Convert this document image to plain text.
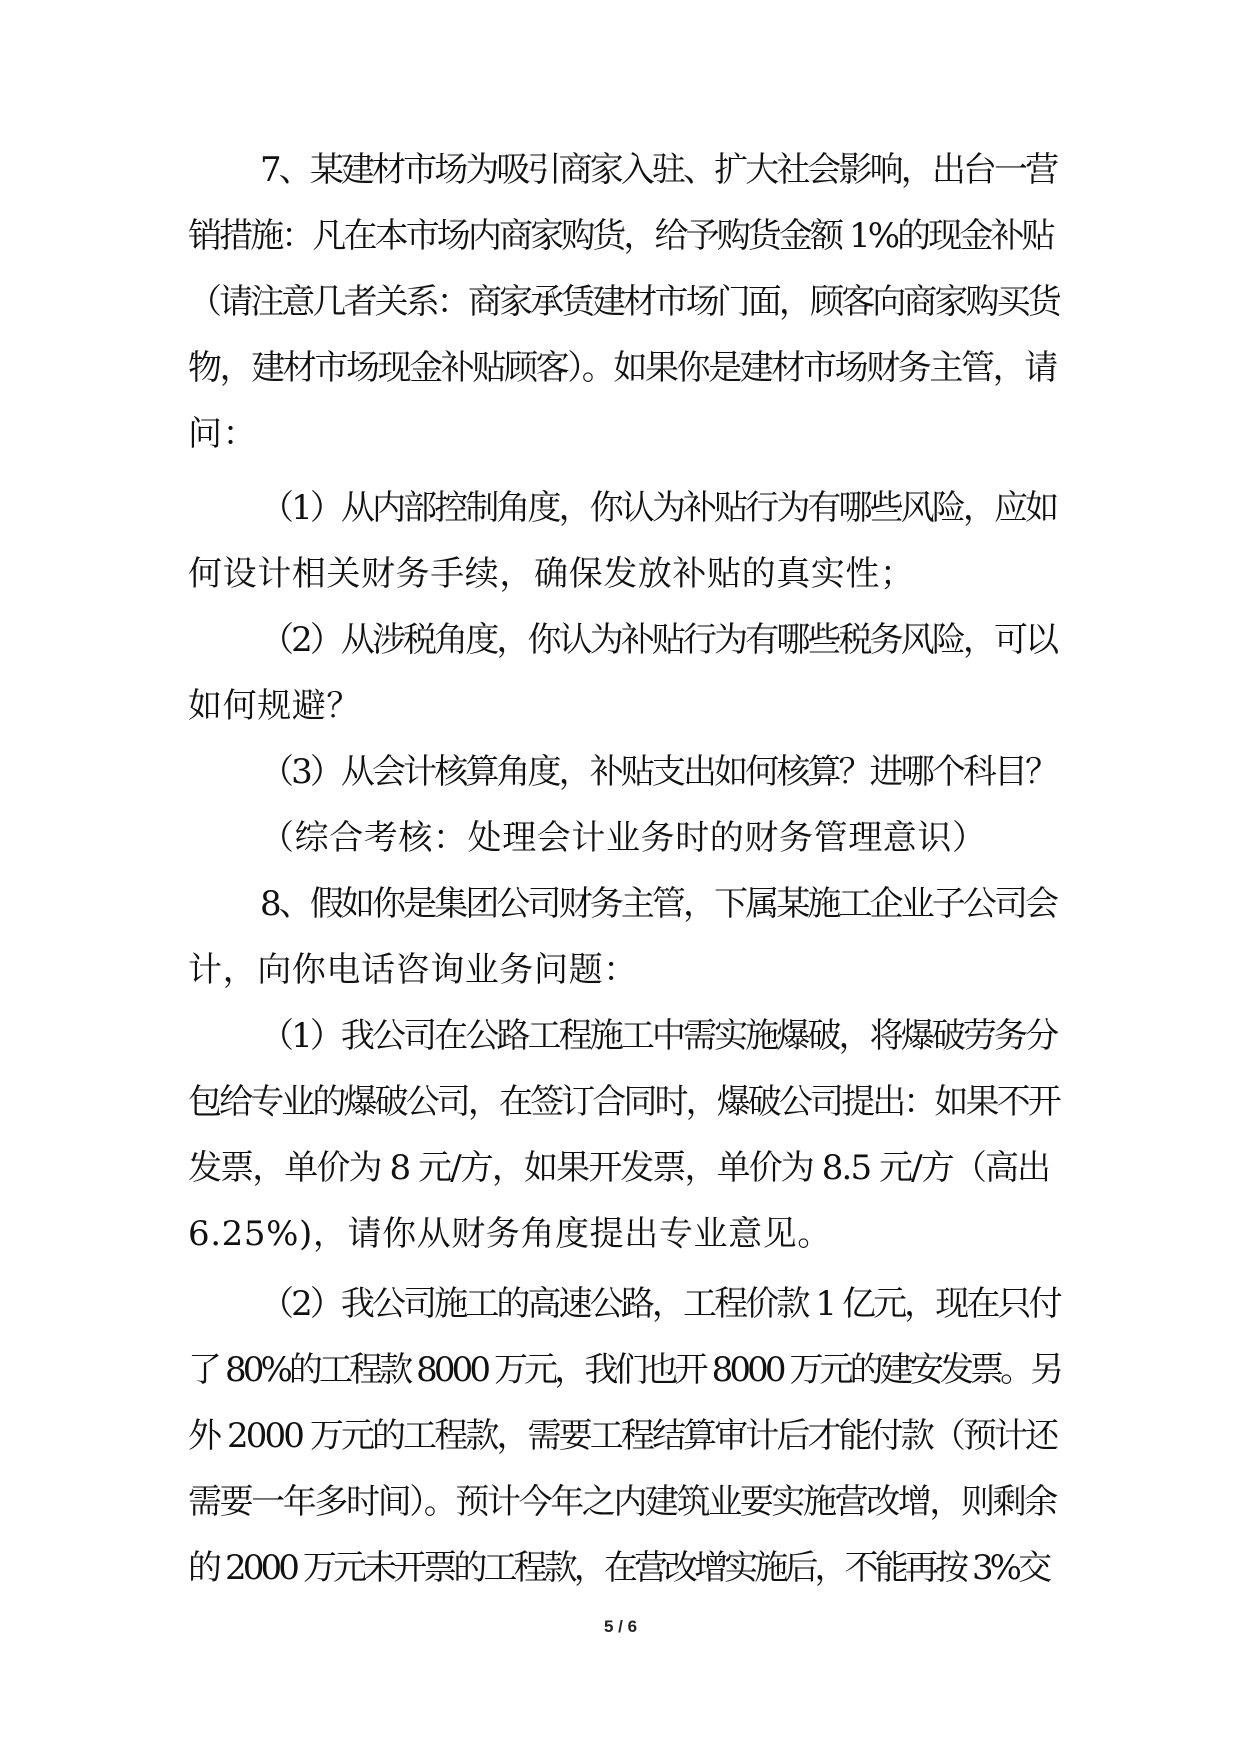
7、某建材市场为吸引商家入驻、扩大社会影响，出台一营
销措施：凡在本市场内商家购货，给予购货金额 1%的现金补贴
（请注意几者关系：商家承赁建材市场门面，顾客向商家购买货
物，建材市场现金补贴顾客）。如果你是建材市场财务主管，请
问：
（1）从内部控制角度，你认为补贴行为有哪些风险，应如
何设计相关财务手续，确保发放补贴的真实性；
（2）从涉税角度，你认为补贴行为有哪些税务风险，可以
如何规避？
（3）从会计核算角度，补贴支出如何核算？进哪个科目？
（综合考核：处理会计业务时的财务管理意识）
8、假如你是集团公司财务主管，下属某施工企业子公司会
计，向你电话咨询业务问题：
（1）我公司在公路工程施工中需实施爆破，将爆破劳务分
包给专业的爆破公司，在签订合同时，爆破公司提出：如果不开
发票，单价为 8 元/方，如果开发票，单价为 8.5 元/方（高出
6.25%)，请你从财务角度提出专业意见。
（2）我公司施工的高速公路，工程价款 1 亿元，现在只付
了 80%的工程款 8000 万元，我们也开 8000 万元的建安发票。另
外 2000 万元的工程款，需要工程结算审计后才能付款（预计还
需要一年多时间）。预计今年之内建筑业要实施营改增，则剩余
的 2000 万元未开票的工程款，在营改增实施后，不能再按 3%交
5 / 6
